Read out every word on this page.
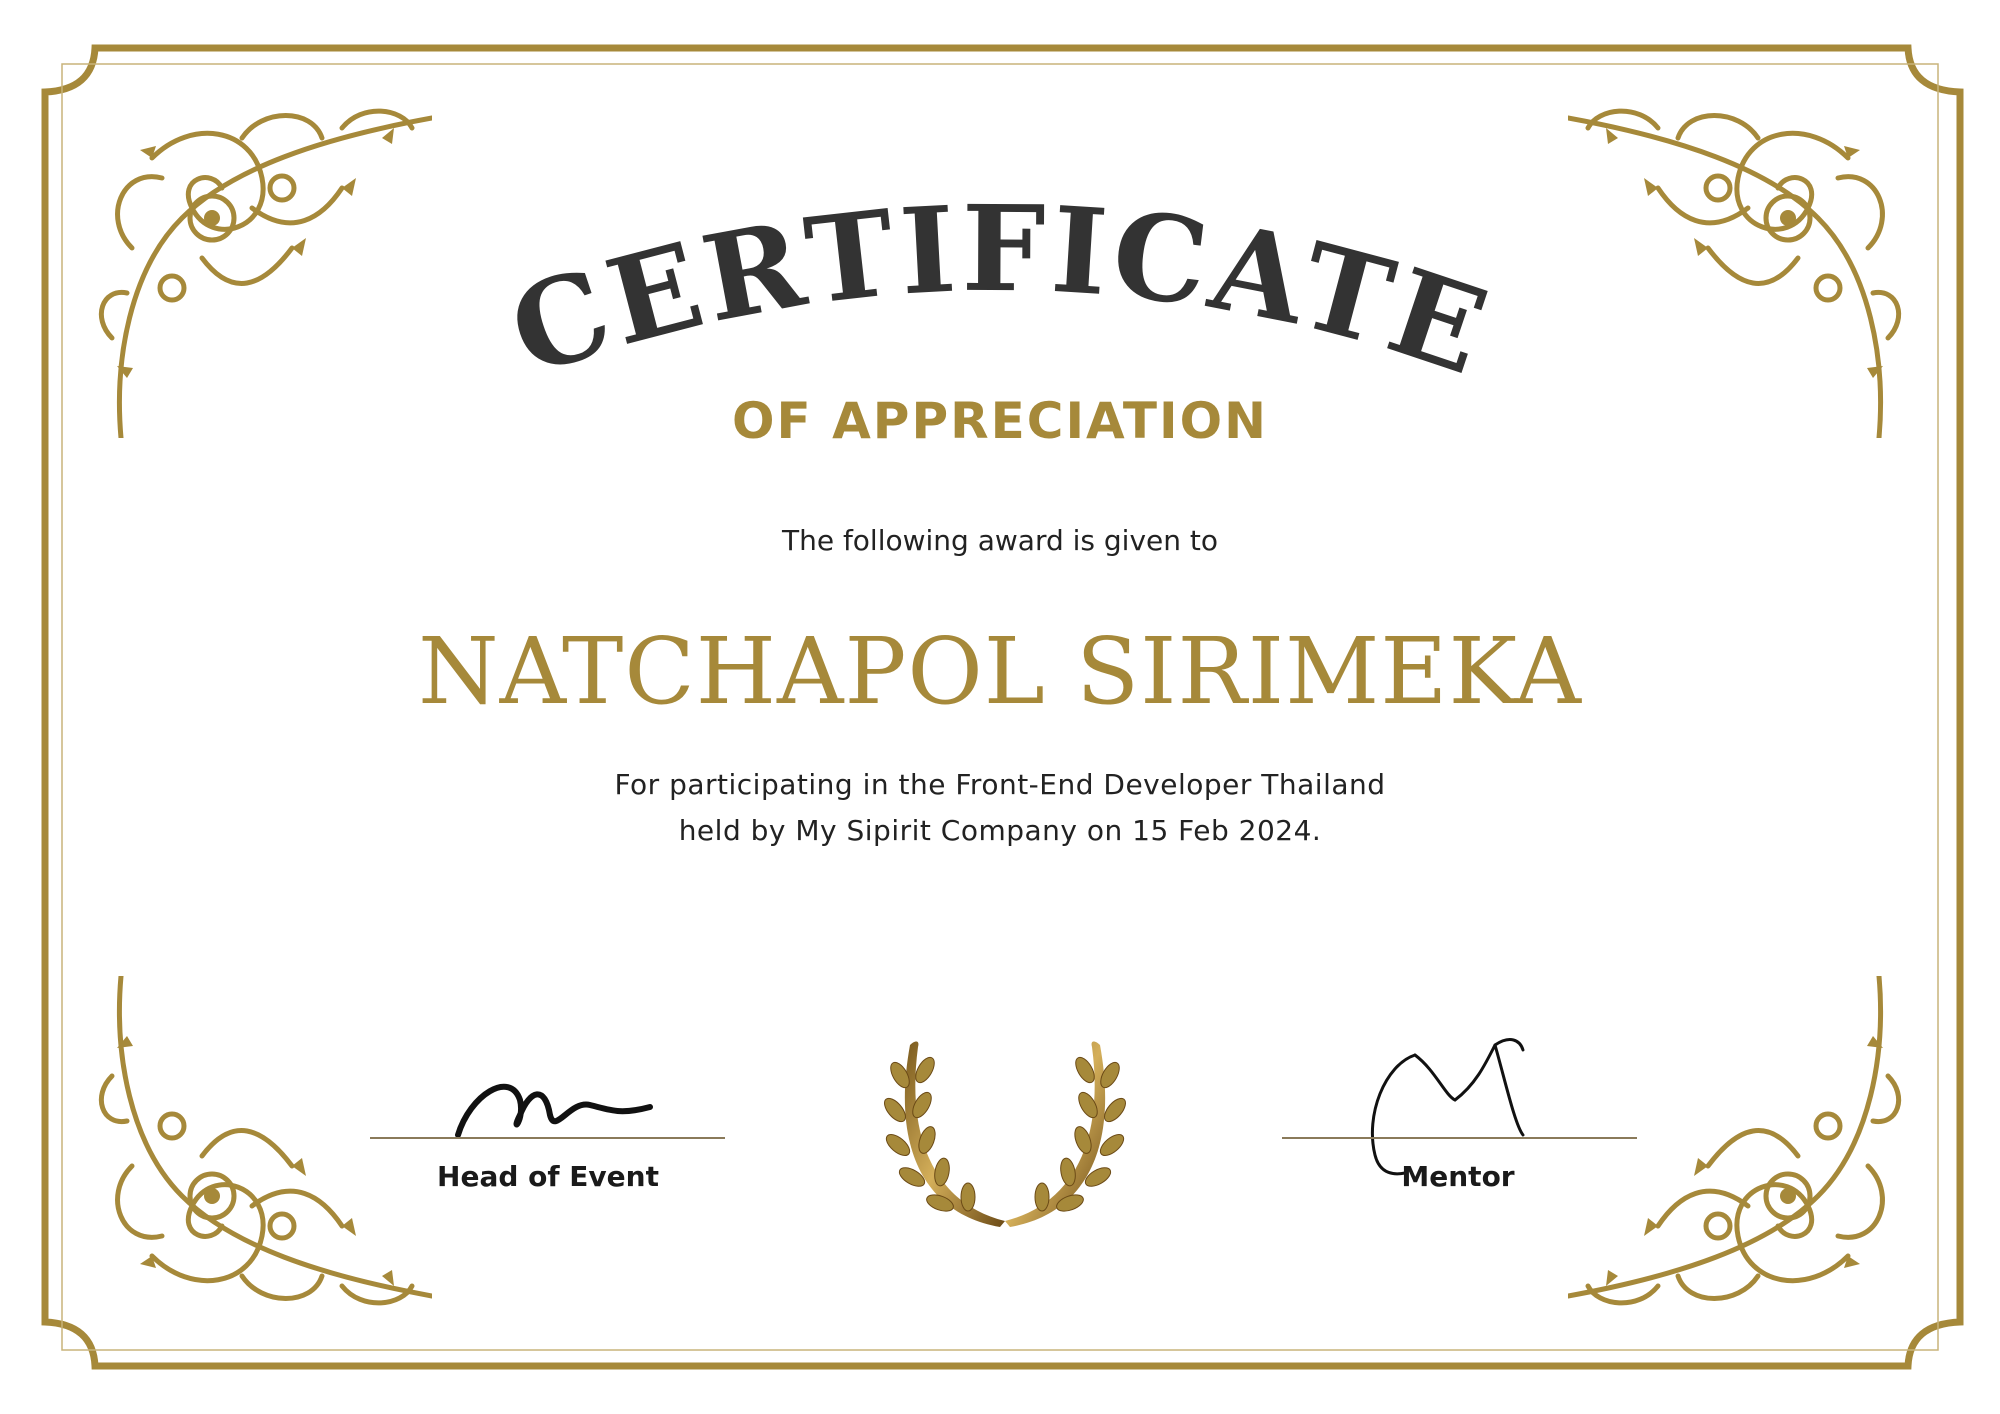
CERTIFICATE
OF APPRECIATION
The following award is given to
NATCHAPOL SIRIMEKA
For participating in the Front-End Developer Thailand
held by My Sipirit Company on 15 Feb 2024.
Head of Event	Mentor
